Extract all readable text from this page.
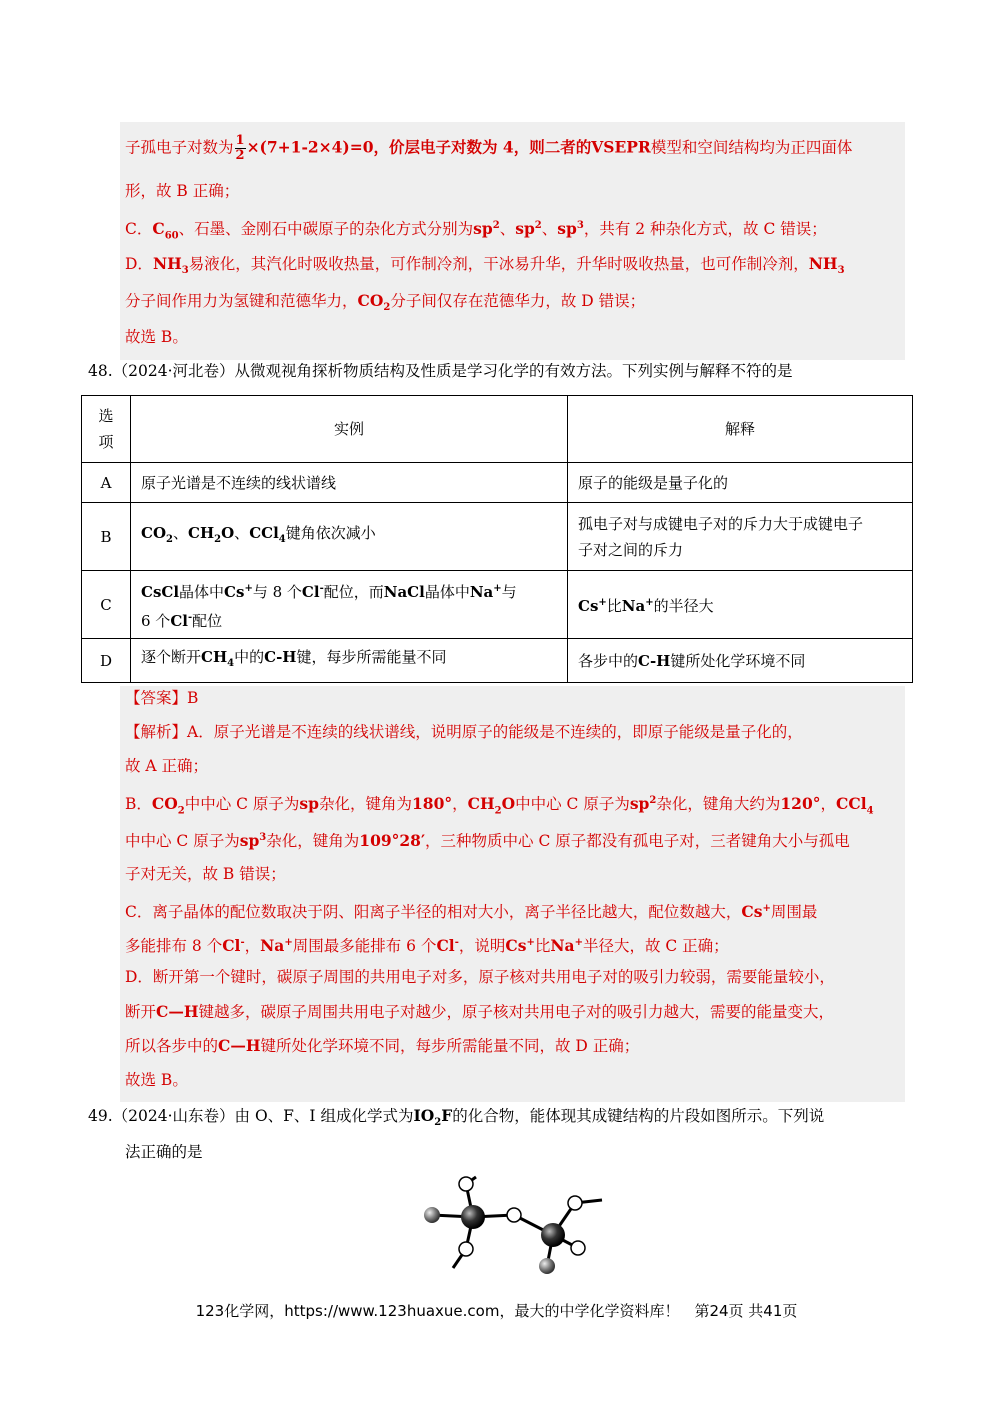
子孤电子对数为 $\frac{1}{2} \times(7+1-2\times 4)=0$，价层电子对数为 4，则二者的VSEPR模型和空间结构均为正四面体
形，故 B 正确；
C．$C_{60}$、石墨、金刚石中碳原子的杂化方式分别为$sp^2$、$sp^2$、$sp^3$，共有 2 种杂化方式，故 C 错误；
D．$NH_3$易液化，其汽化时吸收热量，可作制冷剂，干冰易升华，升华时吸收热量，也可作制冷剂，$NH_3$
分子间作用力为氢键和范德华力，$CO_2$分子间仅存在范德华力，故 D 错误；
故选 B。
48.（2024·河北卷）从微观视角探析物质结构及性质是学习化学的有效方法。下列实例与解释不符的是
选
项	实例	解释
A	原子光谱是不连续的线状谱线	原子的能级是量子化的
B	$CO_2$、$CH_2O$、CCl$_4$键角依次减小	孤电子对与成键电子对的斥力大于成键电子
子对之间的斥力
C	CsCl晶体中Cs+与 8 个Cl-配位，而NaCl晶体中Na+与
6 个Cl-配位	Cs+比Na+的半径大
D	逐个断开$CH_4$中的C-H键，每步所需能量不同	各步中的C-H键所处化学环境不同
【答案】B
【解析】A．原子光谱是不连续的线状谱线，说明原子的能级是不连续的，即原子能级是量子化的，
故 A 正确；
B．$CO_2$中中心 C 原子为sp杂化，键角为180°，$CH_2O$中中心 C 原子为$sp^2$杂化，键角大约为120°，CCl$_4$
中中心 C 原子为$sp^3$杂化，键角为109°28′，三种物质中心 C 原子都没有孤电子对，三者键角大小与孤电
子对无关，故 B 错误；
C．离子晶体的配位数取决于阴、阳离子半径的相对大小，离子半径比越大，配位数越大，Cs+周围最
多能排布 8 个Cl-，Na+周围最多能排布 6 个Cl-，说明Cs+比Na+半径大，故 C 正确；
D．断开第一个键时，碳原子周围的共用电子对多，原子核对共用电子对的吸引力较弱，需要能量较小，
断开C—H键越多，碳原子周围共用电子对越少，原子核对共用电子对的吸引力越大，需要的能量变大，
所以各步中的C—H键所处化学环境不同，每步所需能量不同，故 D 正确；
故选 B。
49.（2024·山东卷）由 O、F、I 组成化学式为$IO_2F$的化合物，能体现其成键结构的片段如图所示。下列说
法正确的是
123化学网，https://www.123huaxue.com，最大的中学化学资料库！　第24页 共41页
